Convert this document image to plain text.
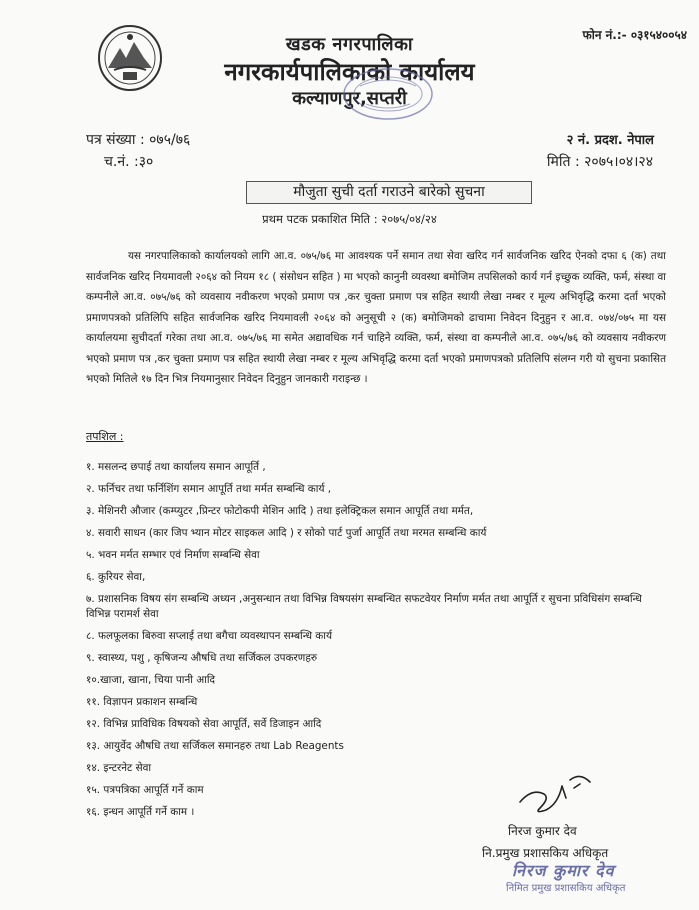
फोन नं.:- ०३१५४००५४
खडक नगरपालिका
नगरकार्यपालिकाको कार्यालय
कल्याणपुर,सप्तरी
पत्र संख्या : ०७५/७६
च.नं. :३०
२ नं. प्रदश. नेपाल
मिति : २०७५।०४।२४
मौजुता सुची दर्ता गराउने बारेको सुचना
प्रथम पटक प्रकाशित मिति : २०७५/०४/२४
यस नगरपालिकाको कार्यालयको लागि आ.व. ०७५/७६ मा आवश्यक पर्ने समान तथा सेवा खरिद गर्न सार्वजनिक खरिद ऐनको दफा ६ (क) तथा सार्वजनिक खरिद नियमावली २०६४ को नियम १८ ( संसोधन सहित ) मा भएको कानुनी व्यवस्था बमोजिम तपसिलको कार्य गर्न इच्छुक व्यक्ति, फर्म, संस्था वा कम्पनीले आ.व. ०७५/७६ को व्यवसाय नवीकरण भएको प्रमाण पत्र ,कर चुक्ता प्रमाण पत्र सहित स्थायी लेखा नम्बर र मूल्य अभिवृद्धि करमा दर्ता भएको प्रमाणपत्रको प्रतिलिपि सहित सार्वजनिक खरिद नियमावली २०६४ को अनुसूची २ (क) बमोजिमको ढाचामा निवेदन दिनुहुन र आ.व. ०७४/०७५ मा यस कार्यालयमा सुचीदर्ता गरेका तथा आ.व. ०७५/७६ मा समेत अद्यावधिक गर्न चाहिने व्यक्ति, फर्म, संस्था वा कम्पनीले आ.व. ०७५/७६ को व्यवसाय नवीकरण भएको प्रमाण पत्र ,कर चुक्ता प्रमाण पत्र सहित स्थायी लेखा नम्बर र मूल्य अभिवृद्धि करमा दर्ता भएको प्रमाणपत्रको प्रतिलिपि संलग्न गरी यो सुचना प्रकासित भएको मितिले १७ दिन भित्र नियमानुसार निवेदन दिनुहुन जानकारी गराइन्छ ।
तपशिल :
१. मसलन्द छपाई तथा कार्यालय समान आपूर्ति ,
२. फर्निचर तथा फर्निशिंग समान आपूर्ति तथा मर्मत सम्बन्धि कार्य ,
३. मेशिनरी औजार (कम्प्युटर ,प्रिन्टर फोटोकपी मेशिन आदि ) तथा इलेक्ट्रिकल समान आपूर्ति तथा मर्मत,
४. सवारी साधन (कार जिप भ्यान मोटर साइकल आदि ) र सोको पार्ट पुर्जा आपूर्ति तथा मरमत सम्बन्धि कार्य
५. भवन मर्मत सम्भार एवं निर्माण सम्बन्धि सेवा
६. कुरियर सेवा,
७. प्रशासनिक विषय संग सम्बन्धि अध्यन ,अनुसन्धान तथा विभिन्न विषयसंग सम्बन्धित सफटवेयर निर्माण मर्मत तथा आपूर्ति र सुचना प्रविधिसंग सम्बन्धि विभिन्न परामर्श सेवा
८. फलफूलका बिरुवा सप्लाई तथा बगैचा व्यवस्थापन सम्बन्धि कार्य
९. स्वास्थ्य, पशु , कृषिजन्य औषधि तथा सर्जिकल उपकरणहरु
१०.खाजा, खाना, चिया पानी आदि
११. विज्ञापन प्रकाशन सम्बन्धि
१२. विभिन्न प्राविधिक विषयको सेवा आपूर्ति, सर्वे डिजाइन आदि
१३. आयुर्वेद औषधि तथा सर्जिकल समानहरु तथा Lab Reagents
१४. इन्टरनेट सेवा
१५. पत्रपत्रिका आपूर्ति गर्ने काम
१६. इन्धन आपूर्ति गर्ने काम ।
निरज कुमार देव
नि.प्रमुख प्रशासकिय अधिकृत
निरज कुमार देव
निमित प्रमुख प्रशासकिय अधिकृत
